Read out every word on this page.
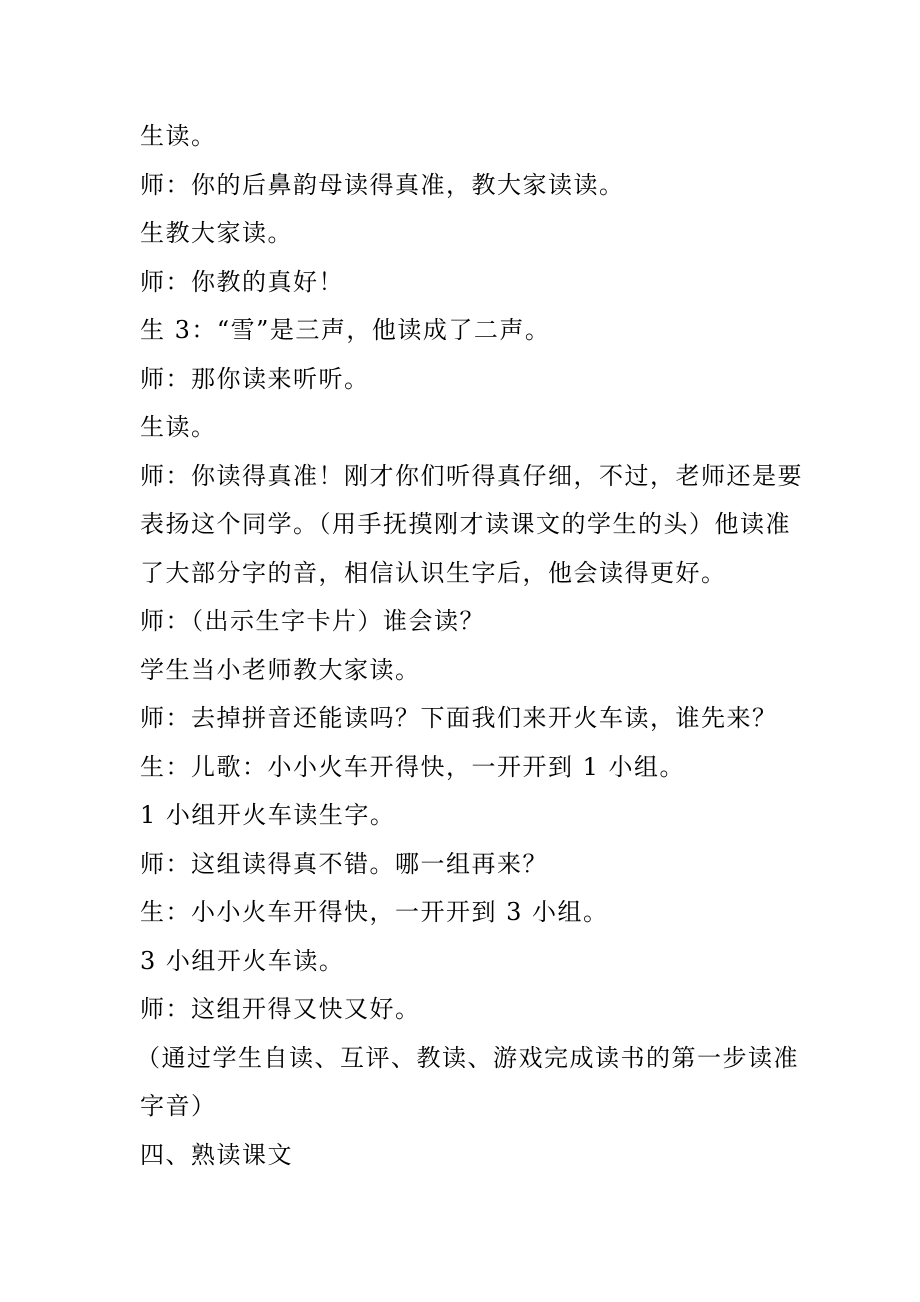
生读。

师：你的后鼻韵母读得真准，教大家读读。

生教大家读。

师：你教的真好！

生 3：“雪”是三声，他读成了二声。

师：那你读来听听。

生读。

师：你读得真准！刚才你们听得真仔细，不过，老师还是要

表扬这个同学。（用手抚摸刚才读课文的学生的头）他读准

了大部分字的音，相信认识生字后，他会读得更好。

师：（出示生字卡片）谁会读？

学生当小老师教大家读。

师：去掉拼音还能读吗？下面我们来开火车读，谁先来？

生：儿歌：小小火车开得快，一开开到 1 小组。

1 小组开火车读生字。

师：这组读得真不错。哪一组再来？

生：小小火车开得快，一开开到 3 小组。

3 小组开火车读。

师：这组开得又快又好。

（通过学生自读、互评、教读、游戏完成读书的第一步读准

字音）

四、熟读课文
